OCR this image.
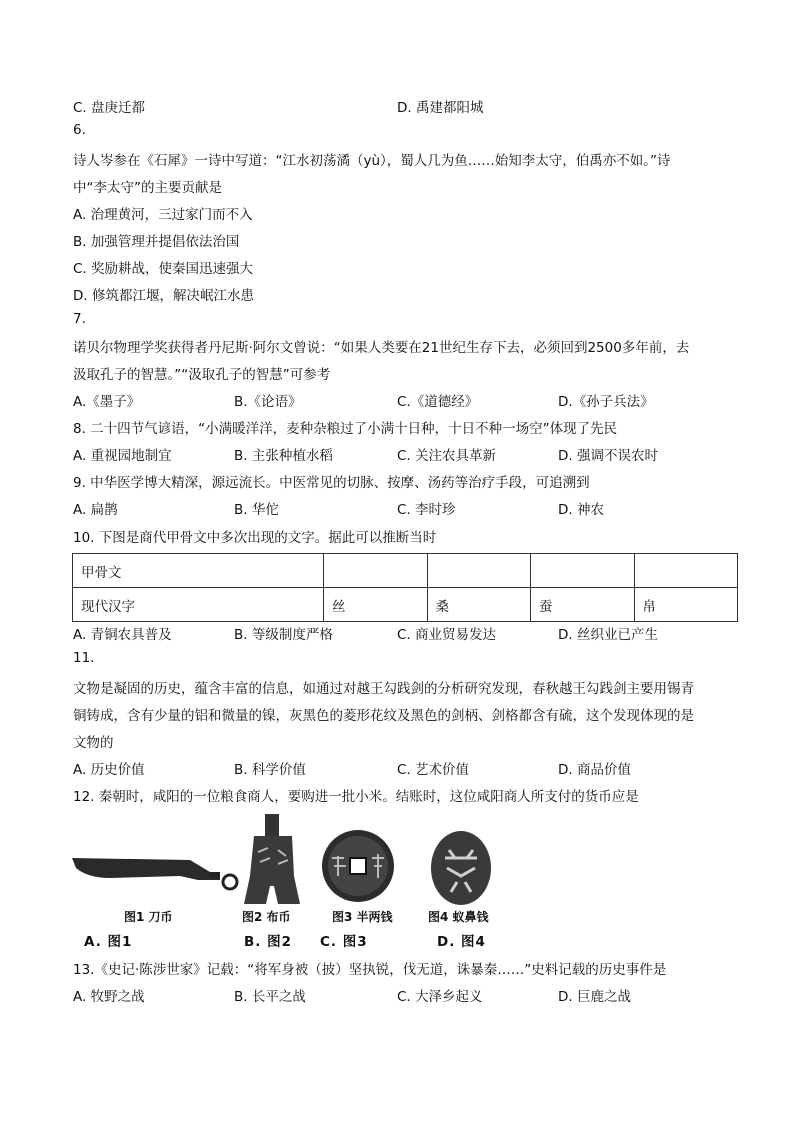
C. 盘庚迁都	D. 禹建都阳城
6.
诗人岑参在《石犀》一诗中写道：“江水初荡潏（yù），蜀人几为鱼……始知李太守，伯禹亦不如。”诗
中“李太守”的主要贡献是
A. 治理黄河，三过家门而不入
B. 加强管理并提倡依法治国
C. 奖励耕战，使秦国迅速强大
D. 修筑都江堰，解决岷江水患
7.
诺贝尔物理学奖获得者丹尼斯·阿尔文曾说：“如果人类要在21世纪生存下去，必须回到2500多年前，去
汲取孔子的智慧。”“汲取孔子的智慧”可参考
A.《墨子》	B.《论语》	C.《道德经》	D.《孙子兵法》
8. 二十四节气谚语，“小满暖洋洋，麦种杂粮过了小满十日种，十日不种一场空”体现了先民
A. 重视园地制宜	B. 主张种植水稻	C. 关注农具革新	D. 强调不误农时
9. 中华医学博大精深，源远流长。中医常见的切脉、按摩、汤药等治疗手段，可追溯到
A. 扁鹊	B. 华佗	C. 李时珍	D. 神农
10. 下图是商代甲骨文中多次出现的文字。据此可以推断当时
甲骨文				
现代汉字	丝	桑	蚕	帛
A. 青铜农具普及	B. 等级制度严格	C. 商业贸易发达	D. 丝织业已产生
11.
文物是凝固的历史，蕴含丰富的信息，如通过对越王勾践剑的分析研究发现，春秋越王勾践剑主要用锡青
铜铸成，含有少量的铝和微量的镍，灰黑色的菱形花纹及黑色的剑柄、剑格都含有硫，这个发现体现的是
文物的
A. 历史价值	B. 科学价值	C. 艺术价值	D. 商品价值
12. 秦朝时，咸阳的一位粮食商人，要购进一批小米。结账时，这位咸阳商人所支付的货币应是
图1 刀币	图2 布币	图3 半两钱	图4 蚁鼻钱
A. 图1	B. 图2 C. 图3	D. 图4
13.《史记·陈涉世家》记载：“将军身被（披）坚执锐，伐无道，诛暴秦……”史料记载的历史事件是
A. 牧野之战	B. 长平之战	C. 大泽乡起义	D. 巨鹿之战
